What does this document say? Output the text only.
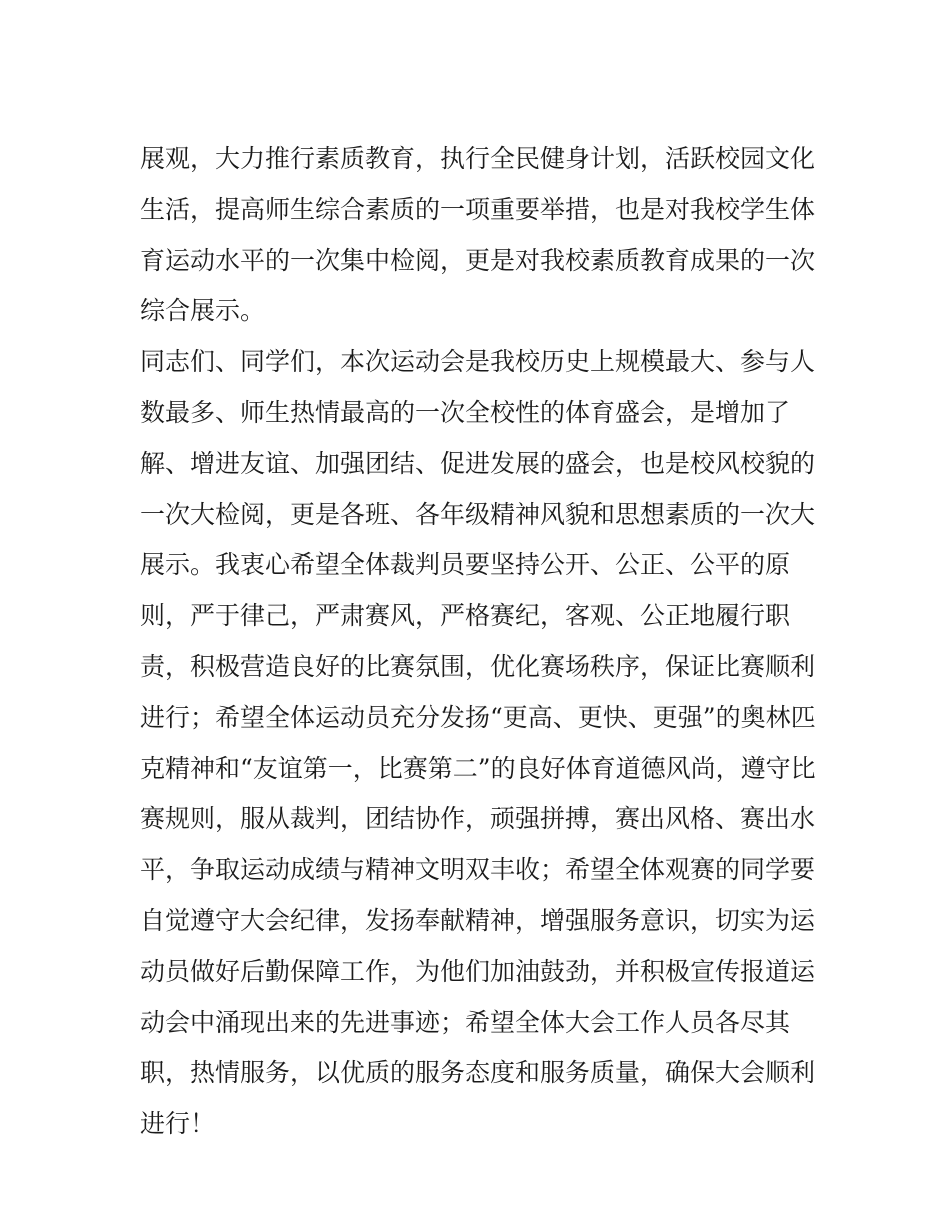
展观，大力推行素质教育，执行全民健身计划，活跃校园文化
生活，提高师生综合素质的一项重要举措，也是对我校学生体
育运动水平的一次集中检阅，更是对我校素质教育成果的一次
综合展示。
同志们、同学们，本次运动会是我校历史上规模最大、参与人
数最多、师生热情最高的一次全校性的体育盛会，是增加了
解、增进友谊、加强团结、促进发展的盛会，也是校风校貌的
一次大检阅，更是各班、各年级精神风貌和思想素质的一次大
展示。我衷心希望全体裁判员要坚持公开、公正、公平的原
则，严于律己，严肃赛风，严格赛纪，客观、公正地履行职
责，积极营造良好的比赛氛围，优化赛场秩序，保证比赛顺利
进行；希望全体运动员充分发扬“更高、更快、更强”的奥林匹
克精神和“友谊第一，比赛第二”的良好体育道德风尚，遵守比
赛规则，服从裁判，团结协作，顽强拼搏，赛出风格、赛出水
平，争取运动成绩与精神文明双丰收；希望全体观赛的同学要
自觉遵守大会纪律，发扬奉献精神，增强服务意识，切实为运
动员做好后勤保障工作，为他们加油鼓劲，并积极宣传报道运
动会中涌现出来的先进事迹；希望全体大会工作人员各尽其
职，热情服务，以优质的服务态度和服务质量，确保大会顺利
进行！
